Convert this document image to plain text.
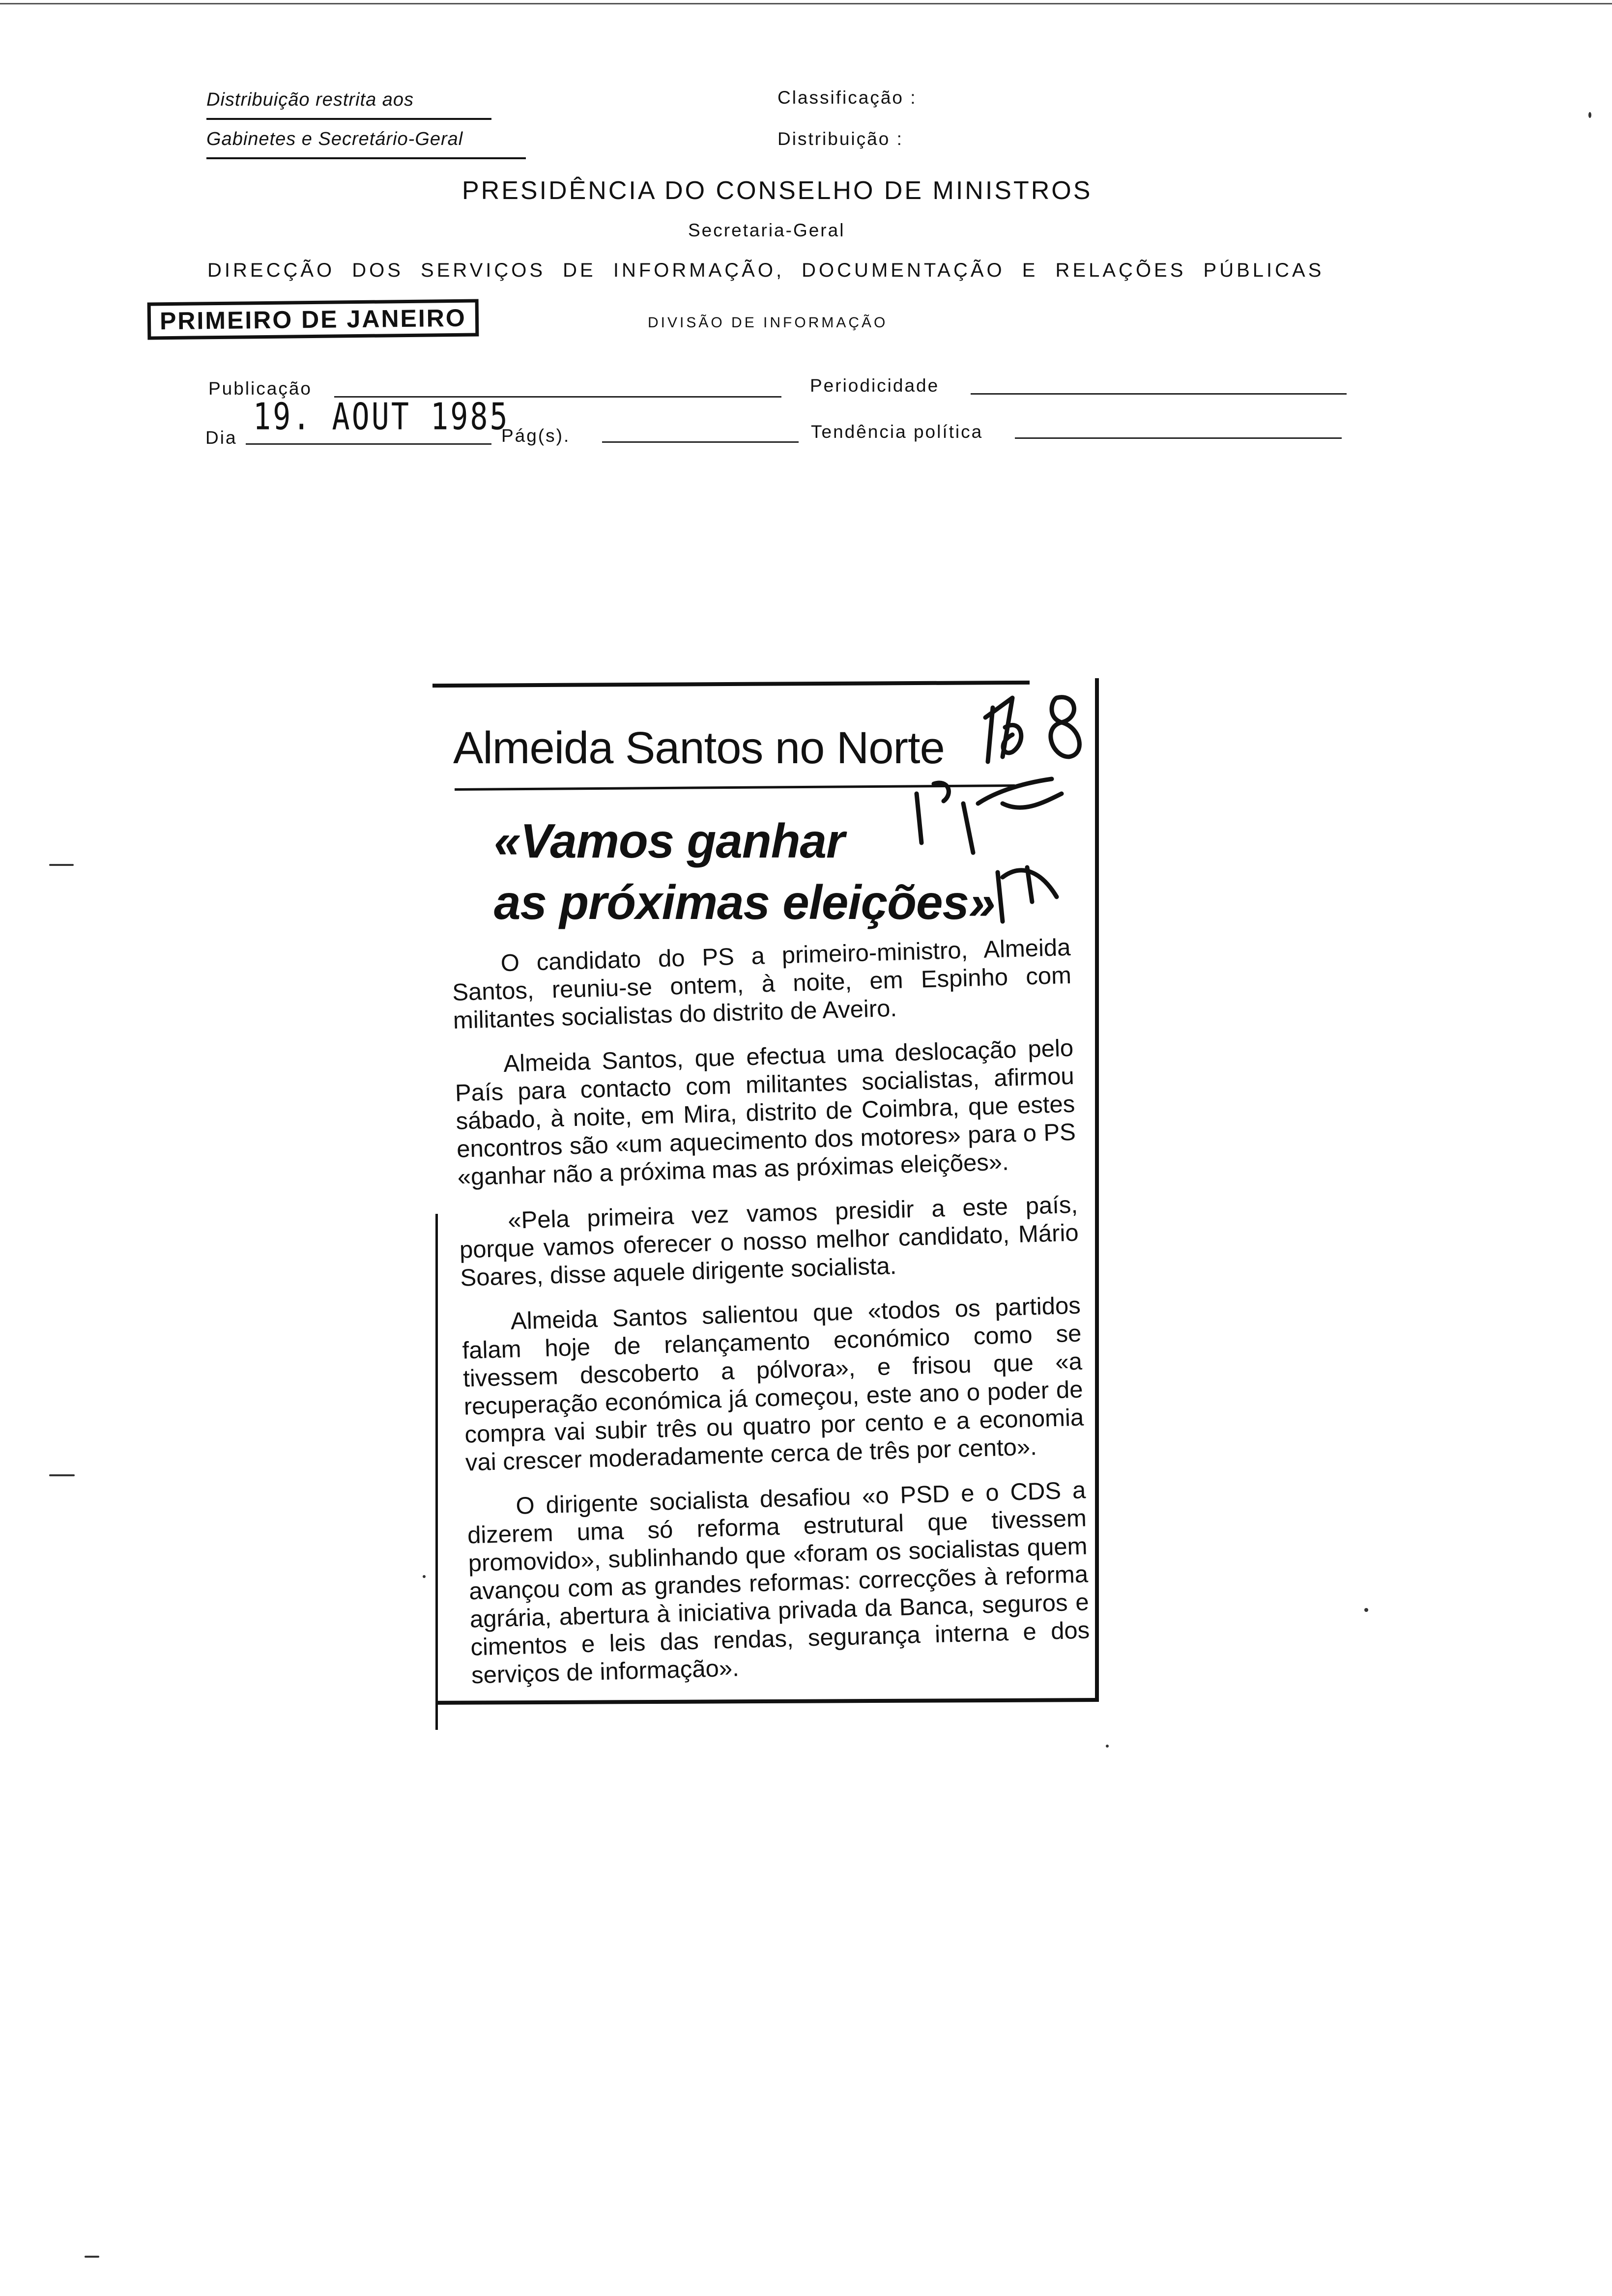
Distribuição restrita aos
Gabinetes e Secretário-Geral
Classificação :
Distribuição :
PRESIDÊNCIA DO CONSELHO DE MINISTROS
Secretaria-Geral
DIRECÇÃO DOS SERVIÇOS DE INFORMAÇÃO, DOCUMENTAÇÃO E RELAÇÕES PÚBLICAS
PRIMEIRO DE JANEIRO	DIVISÃO DE INFORMAÇÃO
Publicação	Periodicidade
Dia 19. AOUT 1985
Pág(s).	Tendência política
Almeida Santos no Norte
«Vamos ganhar
as próximas eleições»

O candidato do PS a primeiro-ministro, Almeida Santos, reuniu-se ontem, à noite, em Espinho com militantes socialistas do distrito de Aveiro.

Almeida Santos, que efectua uma deslocação pelo País para contacto com militantes socialistas, afirmou sábado, à noite, em Mira, distrito de Coimbra, que estes encontros são «um aquecimento dos motores» para o PS «ganhar não a próxima mas as próximas eleições».

«Pela primeira vez vamos presidir a este país, porque vamos oferecer o nosso melhor candidato, Mário Soares, disse aquele dirigente socialista.

Almeida Santos salientou que «todos os partidos falam hoje de relançamento económico como se tivessem descoberto a pólvora», e frisou que «a recuperação económica já começou, este ano o poder de compra vai subir três ou quatro por cento e a economia vai crescer moderadamente cerca de três por cento».

O dirigente socialista desafiou «o PSD e o CDS a dizerem uma só reforma estrutural que tivessem promovido», sublinhando que «foram os socialistas quem avançou com as grandes reformas: correcções à reforma agrária, abertura à iniciativa privada da Banca, seguros e cimentos e leis das rendas, segurança interna e dos serviços de informação».
